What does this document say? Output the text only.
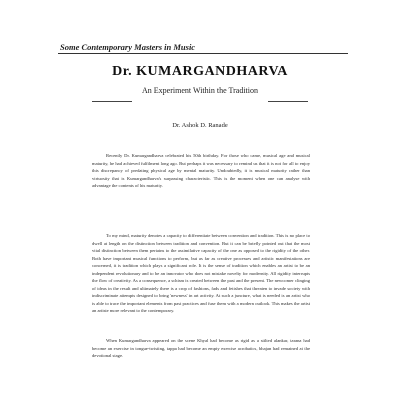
Some Contemporary Masters in Music
Dr. KUMARGANDHARVA
An Experiment Within the Tradition
Dr. Ashok D. Ranade

Recently Dr. Kumargandharva celebrated his 50th birthday. For those who came, musical age and musical maturity, he had achieved fulfilment long ago. But perhaps it was necessary to remind us that it is not for all to enjoy this discrepancy of predating physical age by mental maturity. Undoubtedly, it is musical maturity rather than virtuosity that is Kumargandharva's surpassing characteristic. This is the moment when one can analyse with advantage the contents of his maturity.

To my mind, maturity denotes a capacity to differentiate between convention and tradition. This is no place to dwell at length on the distinction between tradition and convention. But it can be briefly pointed out that the most vital distinction between them pertains to the assimilative capacity of the one as opposed to the rigidity of the other. Both have important musical functions to perform, but as far as creative processes and artistic manifestations are concerned, it is tradition which plays a significant role. It is the sense of tradition which enables an artist to be an independent revolutionary and to be an innovator who does not mistake novelty for modernity. All rigidity interrupts the flow of creativity. As a consequence, a schism is created between the past and the present. The newcomer clinging of ideas in the result and ultimately there is a crop of fashions, fads and fetishes that threaten to invade society with indiscriminate attempts designed to bring 'newness' in art activity. At such a juncture, what is needed is an artist who is able to trace the important elements from past practices and fuse them with a modern outlook. This makes the artist an artiste more relevant to the contemporary.

When Kumargandharva appeared on the scene Khyal had become as rigid as a stilted alankar, tarana had become an exercise in tongue-twisting, tappa had become an empty exercise acrobatics, bhajan had remained at the devotional stage.
